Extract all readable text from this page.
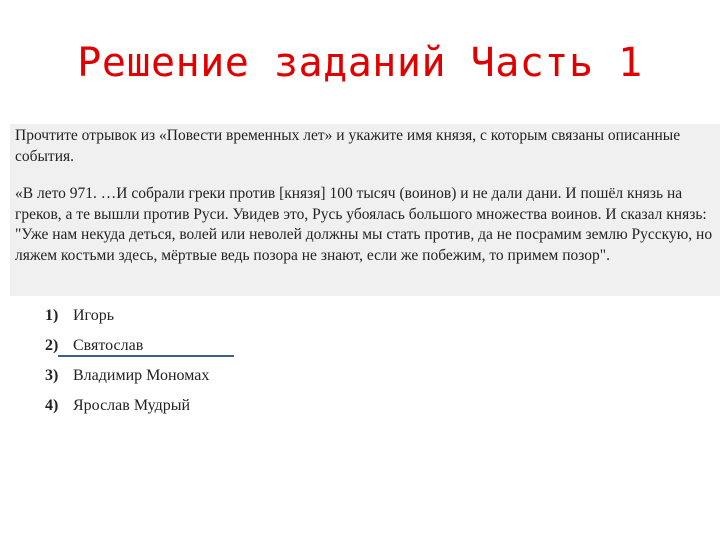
Решение заданий Часть 1

Прочтите отрывок из «Повести временных лет» и укажите имя князя, с которым связаны описанные события.

«В лето 971. …И собрали греки против [князя] 100 тысяч (воинов) и не дали дани. И пошёл князь на греков, а те вышли против Руси. Увидев это, Русь убоялась большого множества воинов. И сказал князь: "Уже нам некуда деться, волей или неволей должны мы стать против, да не посрамим землю Русскую, но ляжем костьми здесь, мёртвые ведь позора не знают, если же побежим, то примем позор".

1) Игорь
2) Святослав
3) Владимир Мономах
4) Ярослав Мудрый
